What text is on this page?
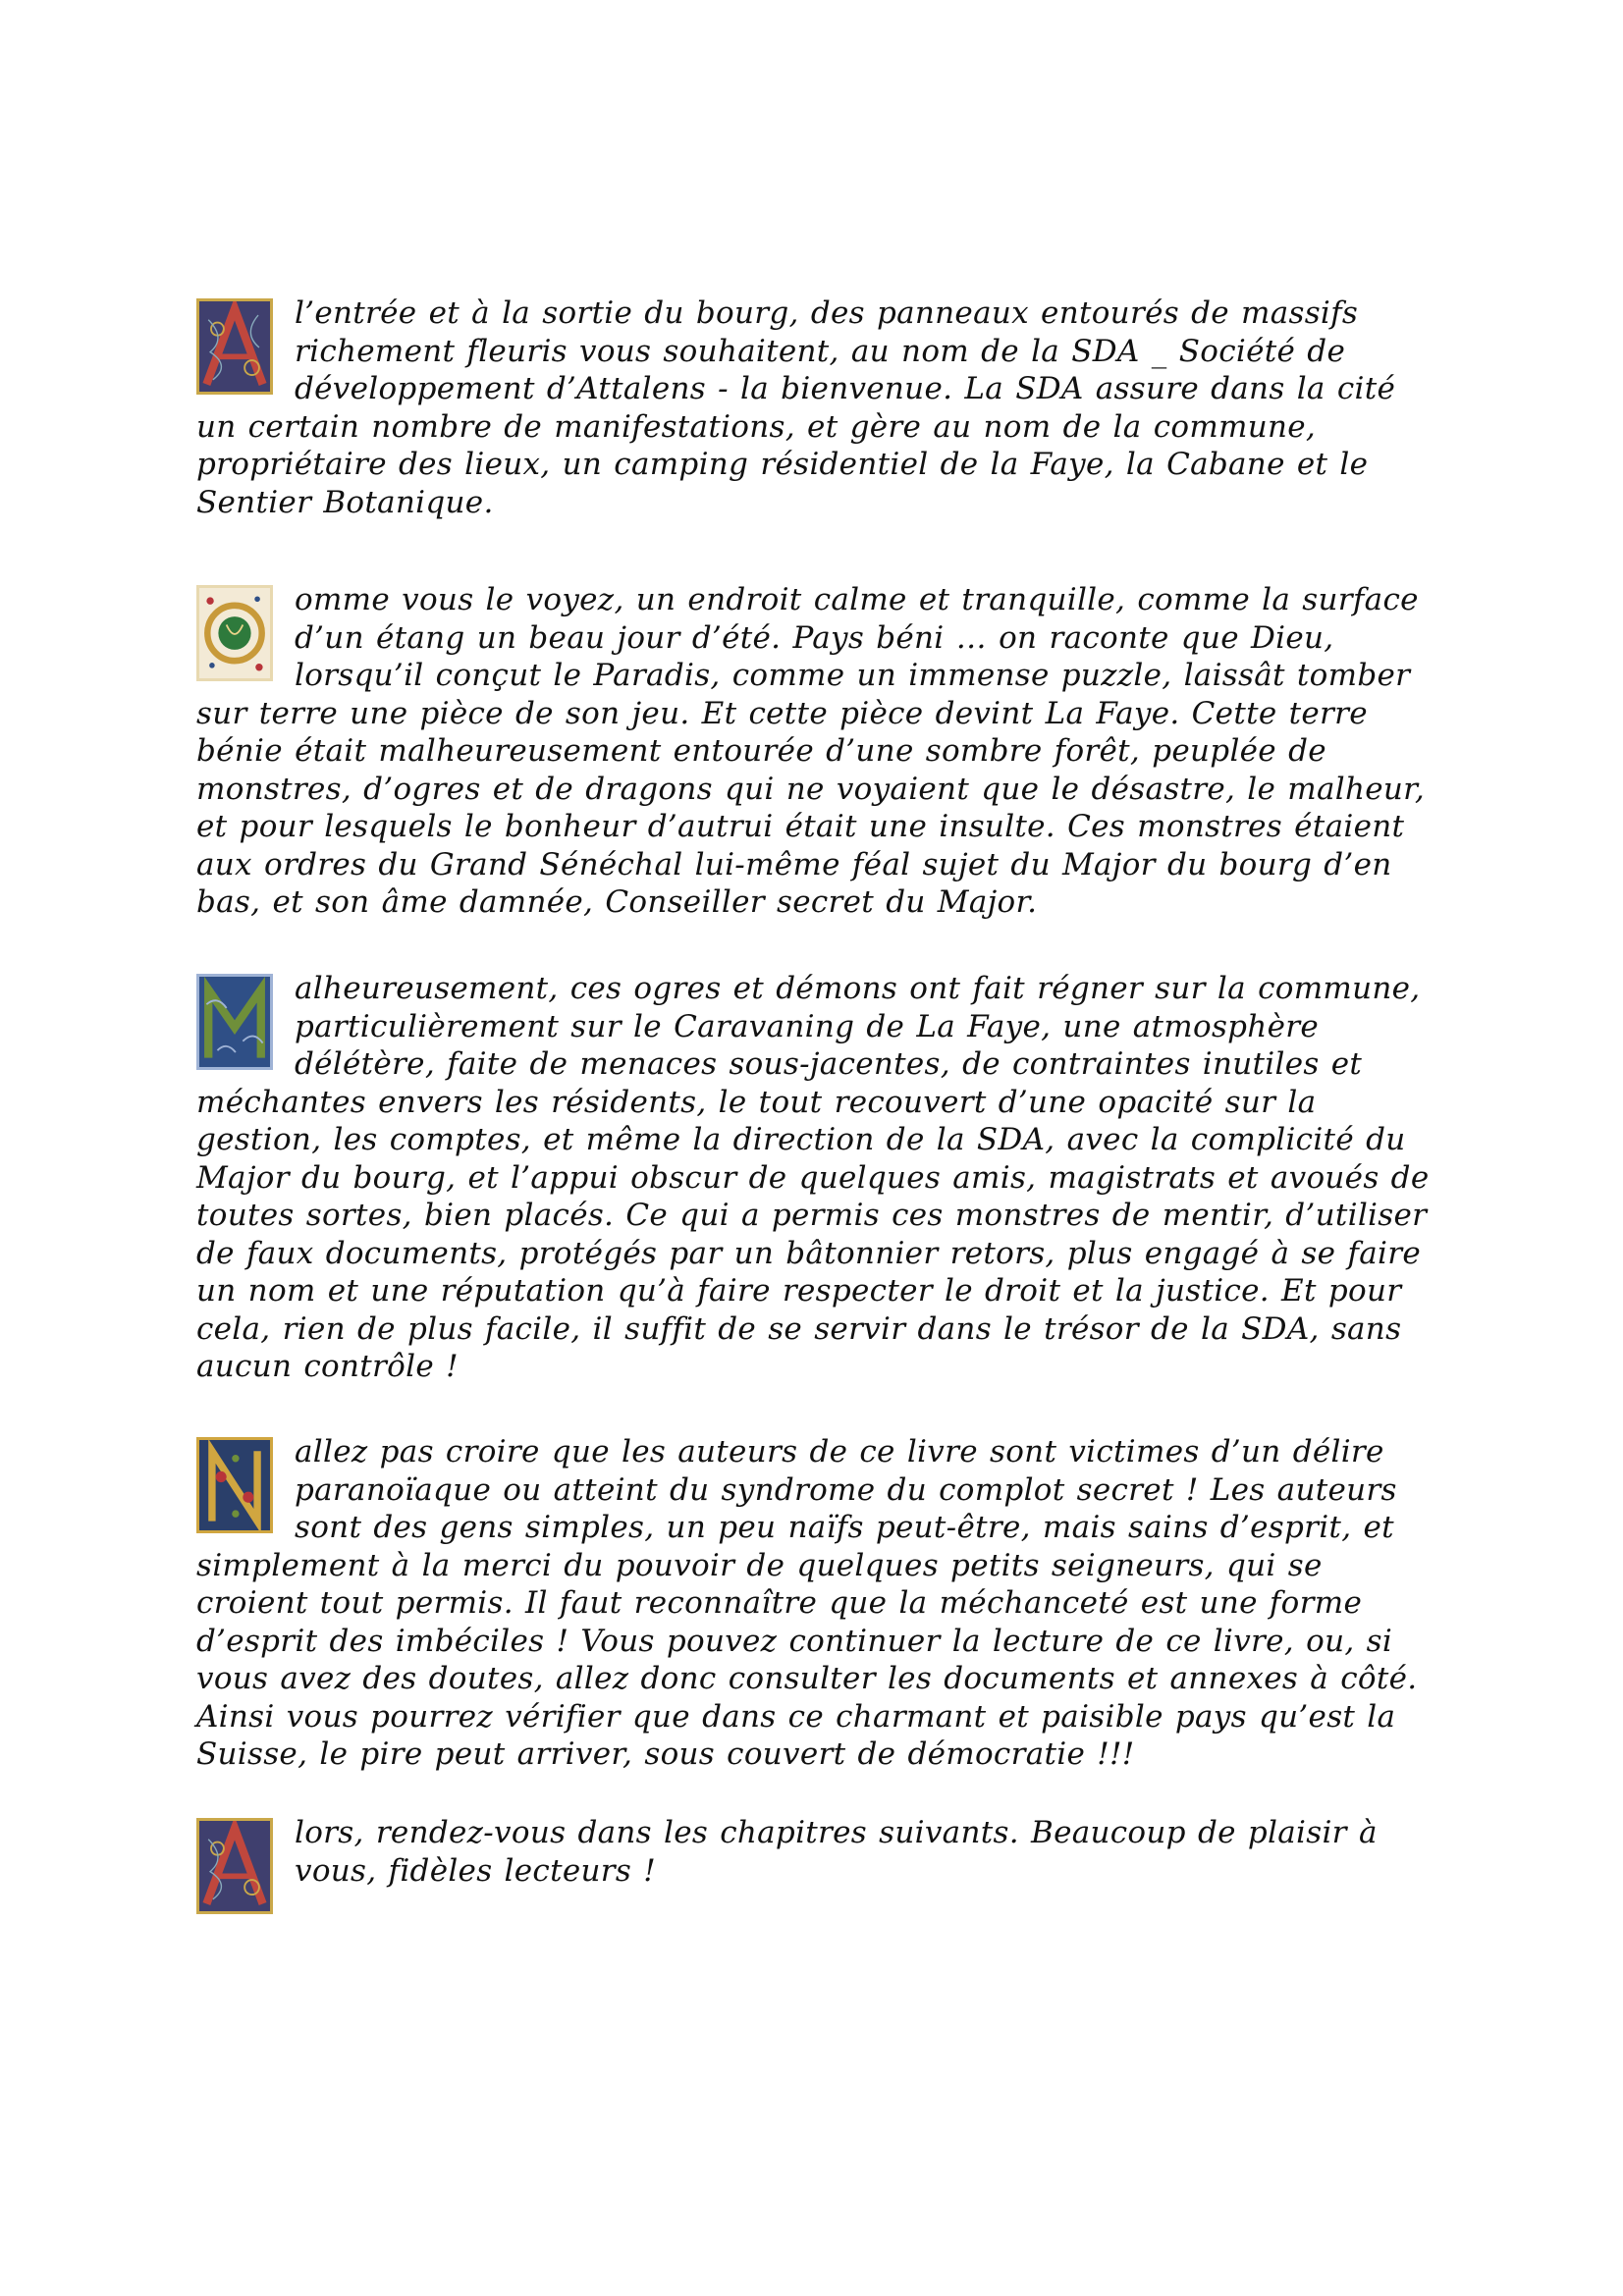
l’entrée et à la sortie du bourg, des panneaux entourés de massifs richement fleuris vous souhaitent, au nom de la SDA _ Société de développement d’Attalens - la bienvenue. La SDA assure dans la cité un certain nombre de manifestations, et gère au nom de la commune, propriétaire des lieux, un camping résidentiel de la Faye, la Cabane et le Sentier Botanique.

omme vous le voyez, un endroit calme et tranquille, comme la surface d’un étang un beau jour d’été. Pays béni … on raconte que Dieu, lorsqu’il conçut le Paradis, comme un immense puzzle, laissât tomber sur terre une pièce de son jeu. Et cette pièce devint La Faye. Cette terre bénie était malheureusement entourée d’une sombre forêt, peuplée de monstres, d’ogres et de dragons qui ne voyaient que le désastre, le malheur, et pour lesquels le bonheur d’autrui était une insulte. Ces monstres étaient aux ordres du Grand Sénéchal lui-même féal sujet du Major du bourg d’en bas, et son âme damnée, Conseiller secret du Major.

alheureusement, ces ogres et démons ont fait régner sur la commune, particulièrement sur le Caravaning de La Faye, une atmosphère délétère, faite de menaces sous-jacentes, de contraintes inutiles et méchantes envers les résidents, le tout recouvert d’une opacité sur la gestion, les comptes, et même la direction de la SDA, avec la complicité du Major du bourg, et l’appui obscur de quelques amis, magistrats et avoués de toutes sortes, bien placés. Ce qui a permis ces monstres de mentir, d’utiliser de faux documents, protégés par un bâtonnier retors, plus engagé à se faire un nom et une réputation qu’à faire respecter le droit et la justice. Et pour cela, rien de plus facile, il suffit de se servir dans le trésor de la SDA, sans aucun contrôle !

allez pas croire que les auteurs de ce livre sont victimes d’un délire paranoïaque ou atteint du syndrome du complot secret ! Les auteurs sont des gens simples, un peu naïfs peut-être, mais sains d’esprit, et simplement à la merci du pouvoir de quelques petits seigneurs, qui se croient tout permis. Il faut reconnaître que la méchanceté est une forme d’esprit des imbéciles ! Vous pouvez continuer la lecture de ce livre, ou, si vous avez des doutes, allez donc consulter les documents et annexes à côté. Ainsi vous pourrez vérifier que dans ce charmant et paisible pays qu’est la Suisse, le pire peut arriver, sous couvert de démocratie !!!

lors, rendez-vous dans les chapitres suivants. Beaucoup de plaisir à vous, fidèles lecteurs !
